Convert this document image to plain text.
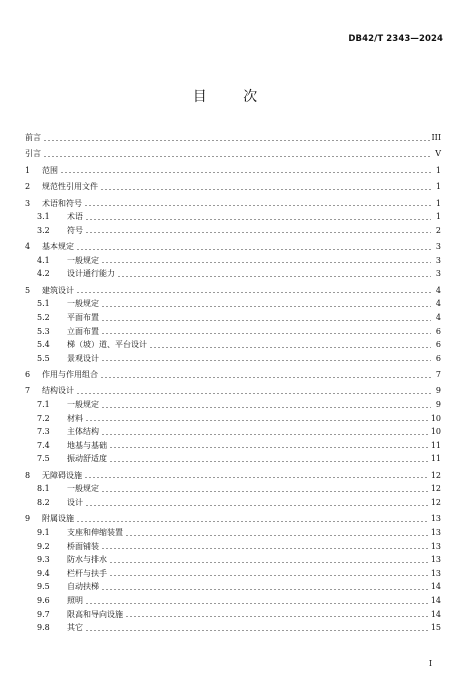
DB42/T 2343—2024
目 次
前言	III
引言	V
1	范围	1
2	规范性引用文件	1
3	术语和符号	1
3.1	术语	1
3.2	符号	2
4	基本规定	3
4.1	一般规定	3
4.2	设计通行能力	3
5	建筑设计	4
5.1	一般规定	4
5.2	平面布置	4
5.3	立面布置	6
5.4	梯（坡）道、平台设计	6
5.5	景观设计	6
6	作用与作用组合	7
7	结构设计	9
7.1	一般规定	9
7.2	材料	10
7.3	主体结构	10
7.4	地基与基础	11
7.5	振动舒适度	11
8	无障碍设施	12
8.1	一般规定	12
8.2	设计	12
9	附属设施	13
9.1	支座和伸缩装置	13
9.2	桥面铺装	13
9.3	防水与排水	13
9.4	栏杆与扶手	13
9.5	自动扶梯	14
9.6	照明	14
9.7	限高和导向设施	14
9.8	其它	15
I
